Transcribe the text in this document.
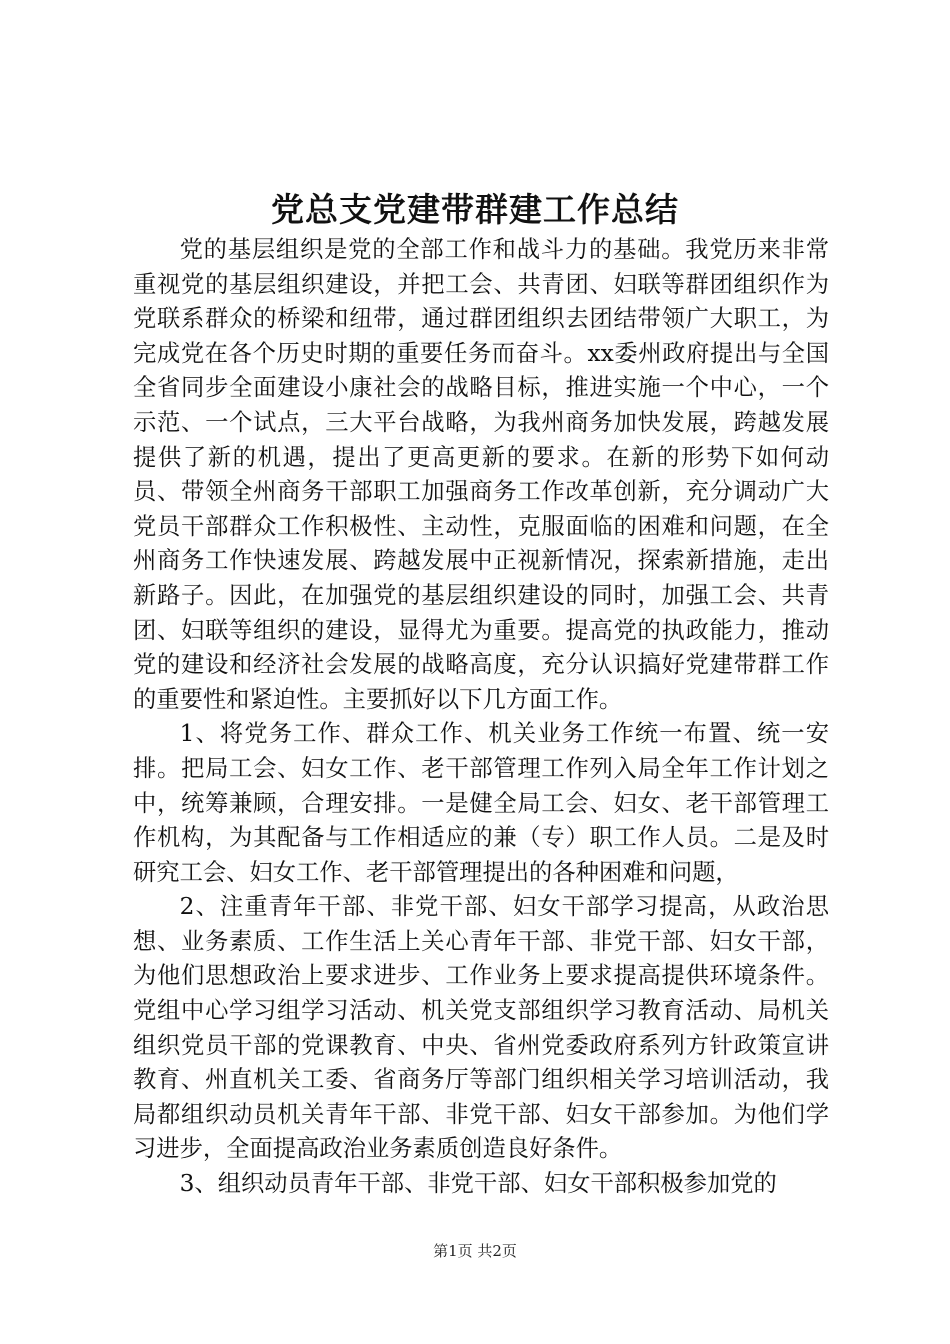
党总支党建带群建工作总结

党的基层组织是党的全部工作和战斗力的基础。我党历来非常重视党的基层组织建设，并把工会、共青团、妇联等群团组织作为党联系群众的桥梁和纽带，通过群团组织去团结带领广大职工，为完成党在各个历史时期的重要任务而奋斗。xx委州政府提出与全国全省同步全面建设小康社会的战略目标，推进实施一个中心，一个示范、一个试点，三大平台战略，为我州商务加快发展，跨越发展提供了新的机遇，提出了更高更新的要求。在新的形势下如何动员、带领全州商务干部职工加强商务工作改革创新，充分调动广大党员干部群众工作积极性、主动性，克服面临的困难和问题，在全州商务工作快速发展、跨越发展中正视新情况，探索新措施，走出新路子。因此，在加强党的基层组织建设的同时，加强工会、共青团、妇联等组织的建设，显得尤为重要。提高党的执政能力，推动党的建设和经济社会发展的战略高度，充分认识搞好党建带群工作的重要性和紧迫性。主要抓好以下几方面工作。

1、将党务工作、群众工作、机关业务工作统一布置、统一安排。把局工会、妇女工作、老干部管理工作列入局全年工作计划之中，统筹兼顾，合理安排。一是健全局工会、妇女、老干部管理工作机构，为其配备与工作相适应的兼（专）职工作人员。二是及时研究工会、妇女工作、老干部管理提出的各种困难和问题，

2、注重青年干部、非党干部、妇女干部学习提高，从政治思想、业务素质、工作生活上关心青年干部、非党干部、妇女干部，为他们思想政治上要求进步、工作业务上要求提高提供环境条件。党组中心学习组学习活动、机关党支部组织学习教育活动、局机关组织党员干部的党课教育、中央、省州党委政府系列方针政策宣讲教育、州直机关工委、省商务厅等部门组织相关学习培训活动，我局都组织动员机关青年干部、非党干部、妇女干部参加。为他们学习进步，全面提高政治业务素质创造良好条件。

3、组织动员青年干部、非党干部、妇女干部积极参加党的

第1页 共2页
